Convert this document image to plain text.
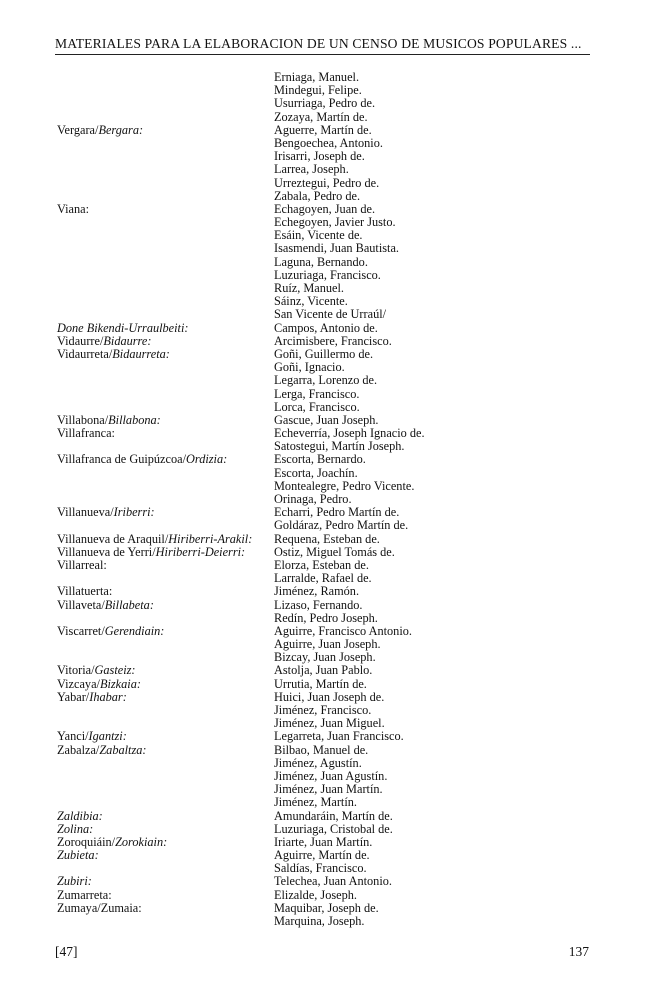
MATERIALES PARA LA ELABORACION DE UN CENSO DE MUSICOS POPULARES ...
Erniaga, Manuel.
Mindegui, Felipe.
Usurriaga, Pedro de.
Zozaya, Martín de.
Vergara/Bergara:	Aguerre, Martín de.
Bengoechea, Antonio.
Irisarri, Joseph de.
Larrea, Joseph.
Urreztegui, Pedro de.
Zabala, Pedro de.
Viana:	Echagoyen, Juan de.
Echegoyen, Javier Justo.
Esáin, Vicente de.
Isasmendi, Juan Bautista.
Laguna, Bernando.
Luzuriaga, Francisco.
Ruíz, Manuel.
Sáinz, Vicente.
San Vicente de Urraúl/
Done Bikendi-Urraulbeiti:	Campos, Antonio de.
Vidaurre/Bidaurre:	Arcimisbere, Francisco.
Vidaurreta/Bidaurreta:	Goñi, Guillermo de.
Goñi, Ignacio.
Legarra, Lorenzo de.
Lerga, Francisco.
Lorca, Francisco.
Villabona/Billabona:	Gascue, Juan Joseph.
Villafranca:	Echeverría, Joseph Ignacio de.
Satostegui, Martín Joseph.
Villafranca de Guipúzcoa/Ordizia:	Escorta, Bernardo.
Escorta, Joachín.
Montealegre, Pedro Vicente.
Orinaga, Pedro.
Villanueva/Iriberri:	Echarri, Pedro Martín de.
Goldáraz, Pedro Martín de.
Villanueva de Araquil/Hiriberri-Arakil: Requena, Esteban de.
Villanueva de Yerri/Hiriberri-Deierri: Ostiz, Miguel Tomás de.
Villarreal:	Elorza, Esteban de.
Larralde, Rafael de.
Villatuerta:	Jiménez, Ramón.
Villaveta/Billabeta:	Lizaso, Fernando.
Redín, Pedro Joseph.
Viscarret/Gerendiain:	Aguirre, Francisco Antonio.
Aguirre, Juan Joseph.
Bizcay, Juan Joseph.
Vitoria/Gasteiz:	Astolja, Juan Pablo.
Vizcaya/Bizkaia:	Urrutia, Martín de.
Yabar/Ihabar:	Huici, Juan Joseph de.
Jiménez, Francisco.
Jiménez, Juan Miguel.
Yanci/Igantzi:	Legarreta, Juan Francisco.
Zabalza/Zabaltza:	Bilbao, Manuel de.
Jiménez, Agustín.
Jiménez, Juan Agustín.
Jiménez, Juan Martín.
Jiménez, Martín.
Zaldibia:	Amundaráin, Martín de.
Zolina:	Luzuriaga, Cristobal de.
Zoroquiáin/Zorokiain:	Iriarte, Juan Martín.
Zubieta:	Aguirre, Martín de.
Saldías, Francisco.
Zubiri:	Telechea, Juan Antonio.
Zumarreta:	Elizalde, Joseph.
Zumaya/Zumaia:	Maquibar, Joseph de.
Marquina, Joseph.
[47]	137
